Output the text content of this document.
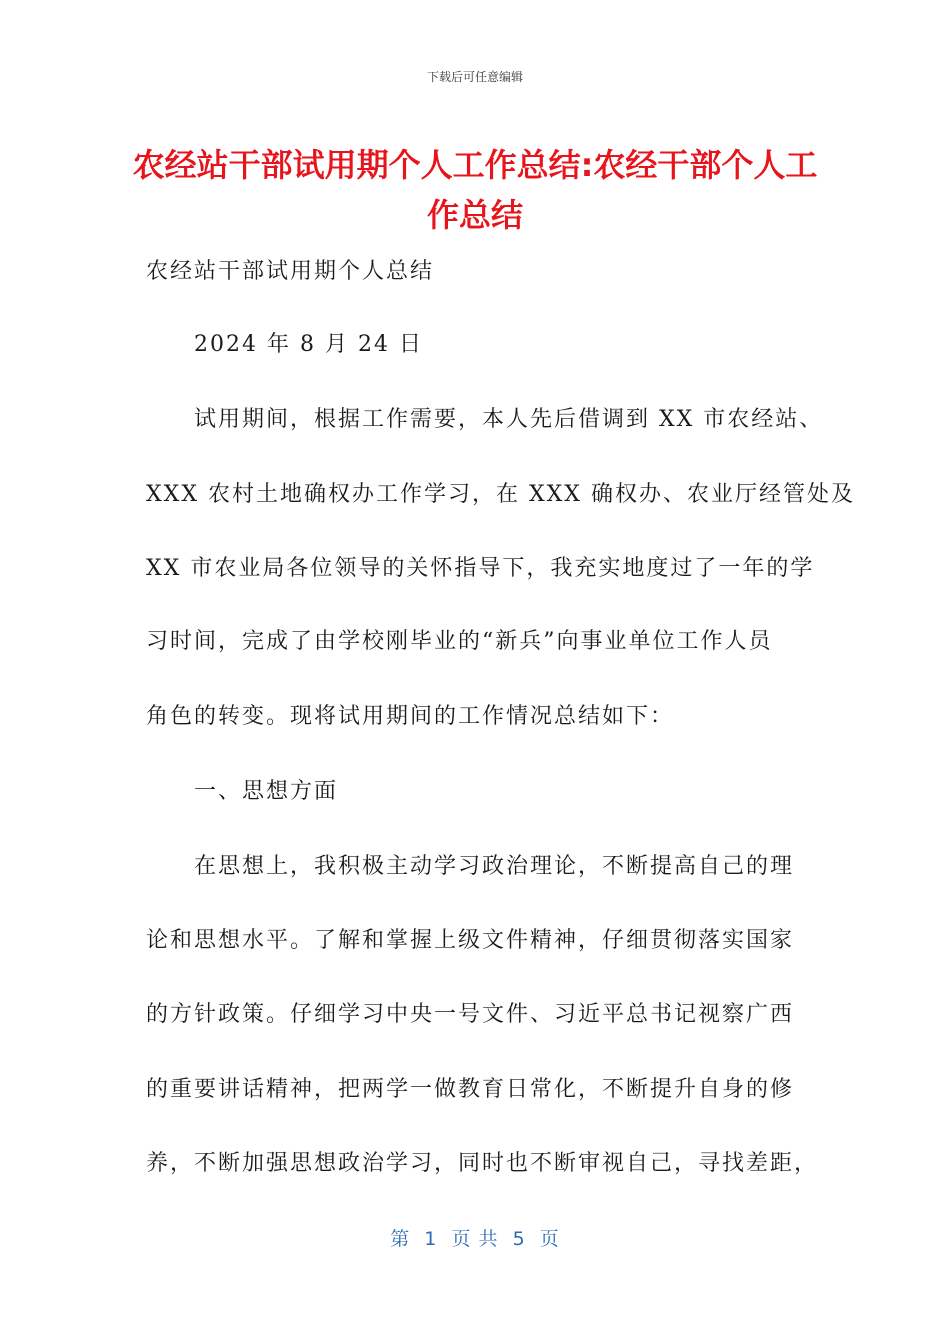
下载后可任意编辑
农经站干部试用期个人工作总结:农经干部个人工作总结
农经站干部试用期个人总结
2024 年 8 月 24 日
试用期间，根据工作需要，本人先后借调到 XX 市农经站、
XXX 农村土地确权办工作学习，在 XXX 确权办、农业厅经管处及
XX 市农业局各位领导的关怀指导下，我充实地度过了一年的学
习时间，完成了由学校刚毕业的“新兵”向事业单位工作人员
角色的转变。现将试用期间的工作情况总结如下：
一、思想方面
在思想上，我积极主动学习政治理论，不断提高自己的理
论和思想水平。了解和掌握上级文件精神，仔细贯彻落实国家
的方针政策。仔细学习中央一号文件、习近平总书记视察广西
的重要讲话精神，把两学一做教育日常化，不断提升自身的修
养，不断加强思想政治学习，同时也不断审视自己，寻找差距，
第  1  页 共  5  页
